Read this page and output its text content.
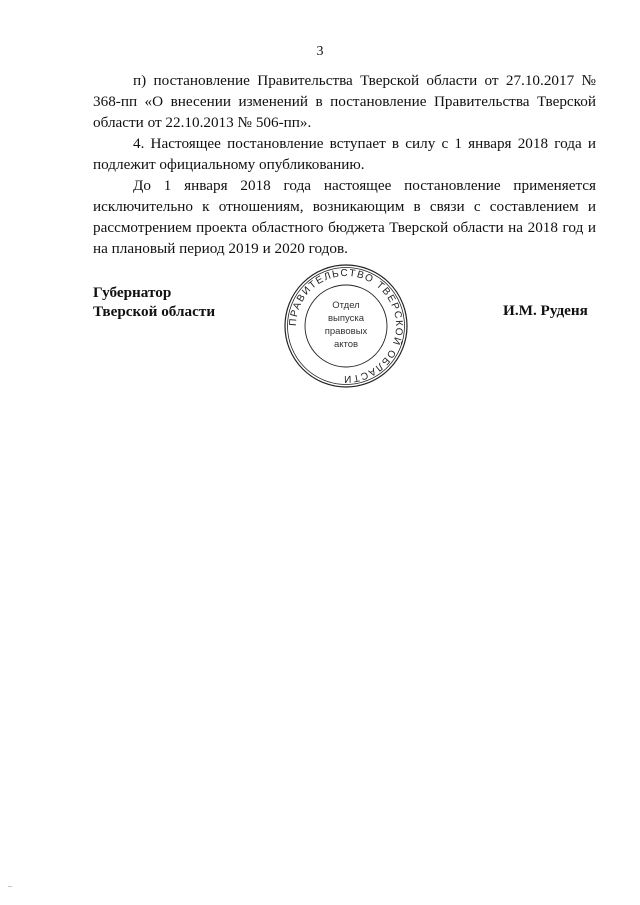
3

п) постановление Правительства Тверской области от 27.10.2017 № 368-пп «О внесении изменений в постановление Правительства Тверской области от 22.10.2013 № 506-пп».

4. Настоящее постановление вступает в силу с 1 января 2018 года и подлежит официальному опубликованию.

До 1 января 2018 года настоящее постановление применяется исключительно к отношениям, возникающим в связи с составлением и рассмотрением проекта областного бюджета Тверской области на 2018 год и на плановый период 2019 и 2020 годов.

Губернатор
Тверской области	И.М. Руденя
ПРАВИТЕЛЬСТВО ТВЕРСКОЙ ОБЛАСТИ
Отдел
выпуска
правовых
актов
..
